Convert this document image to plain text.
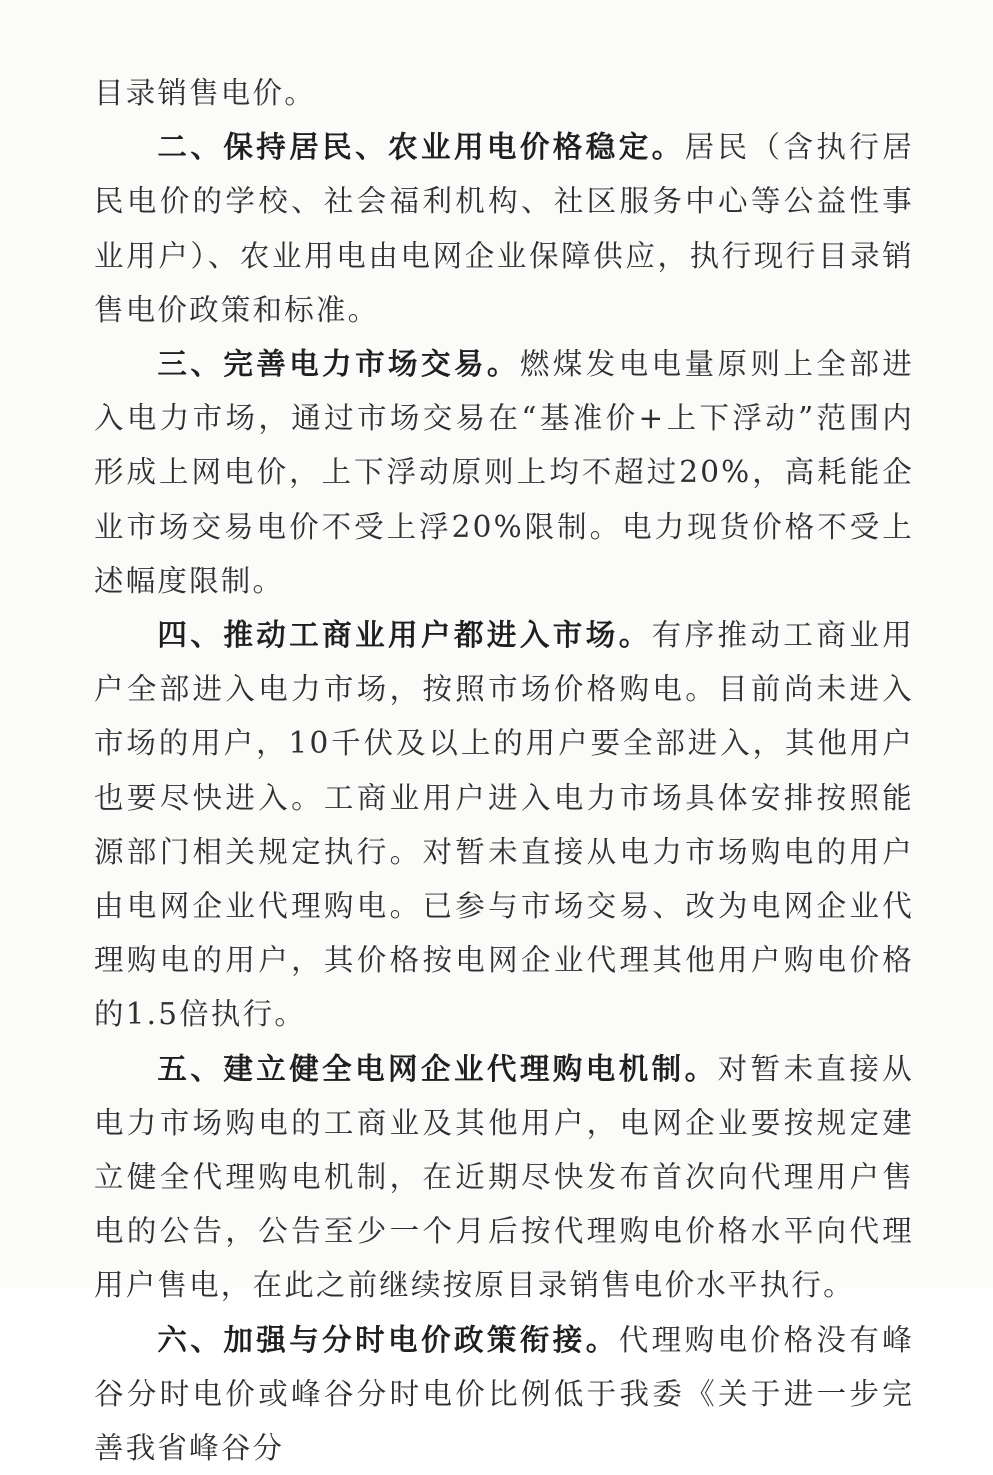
目录销售电价。

二、保持居民、农业用电价格稳定。居民（含执行居民电价的学校、社会福利机构、社区服务中心等公益性事业用户）、农业用电由电网企业保障供应，执行现行目录销售电价政策和标准。

三、完善电力市场交易。燃煤发电电量原则上全部进入电力市场，通过市场交易在“基准价+上下浮动”范围内形成上网电价，上下浮动原则上均不超过20%，高耗能企业市场交易电价不受上浮20%限制。电力现货价格不受上述幅度限制。

四、推动工商业用户都进入市场。有序推动工商业用户全部进入电力市场，按照市场价格购电。目前尚未进入市场的用户，10千伏及以上的用户要全部进入，其他用户也要尽快进入。工商业用户进入电力市场具体安排按照能源部门相关规定执行。对暂未直接从电力市场购电的用户由电网企业代理购电。已参与市场交易、改为电网企业代理购电的用户，其价格按电网企业代理其他用户购电价格的1.5倍执行。

五、建立健全电网企业代理购电机制。对暂未直接从电力市场购电的工商业及其他用户，电网企业要按规定建立健全代理购电机制，在近期尽快发布首次向代理用户售电的公告，公告至少一个月后按代理购电价格水平向代理用户售电，在此之前继续按原目录销售电价水平执行。

六、加强与分时电价政策衔接。代理购电价格没有峰谷分时电价或峰谷分时电价比例低于我委《关于进一步完善我省峰谷分
